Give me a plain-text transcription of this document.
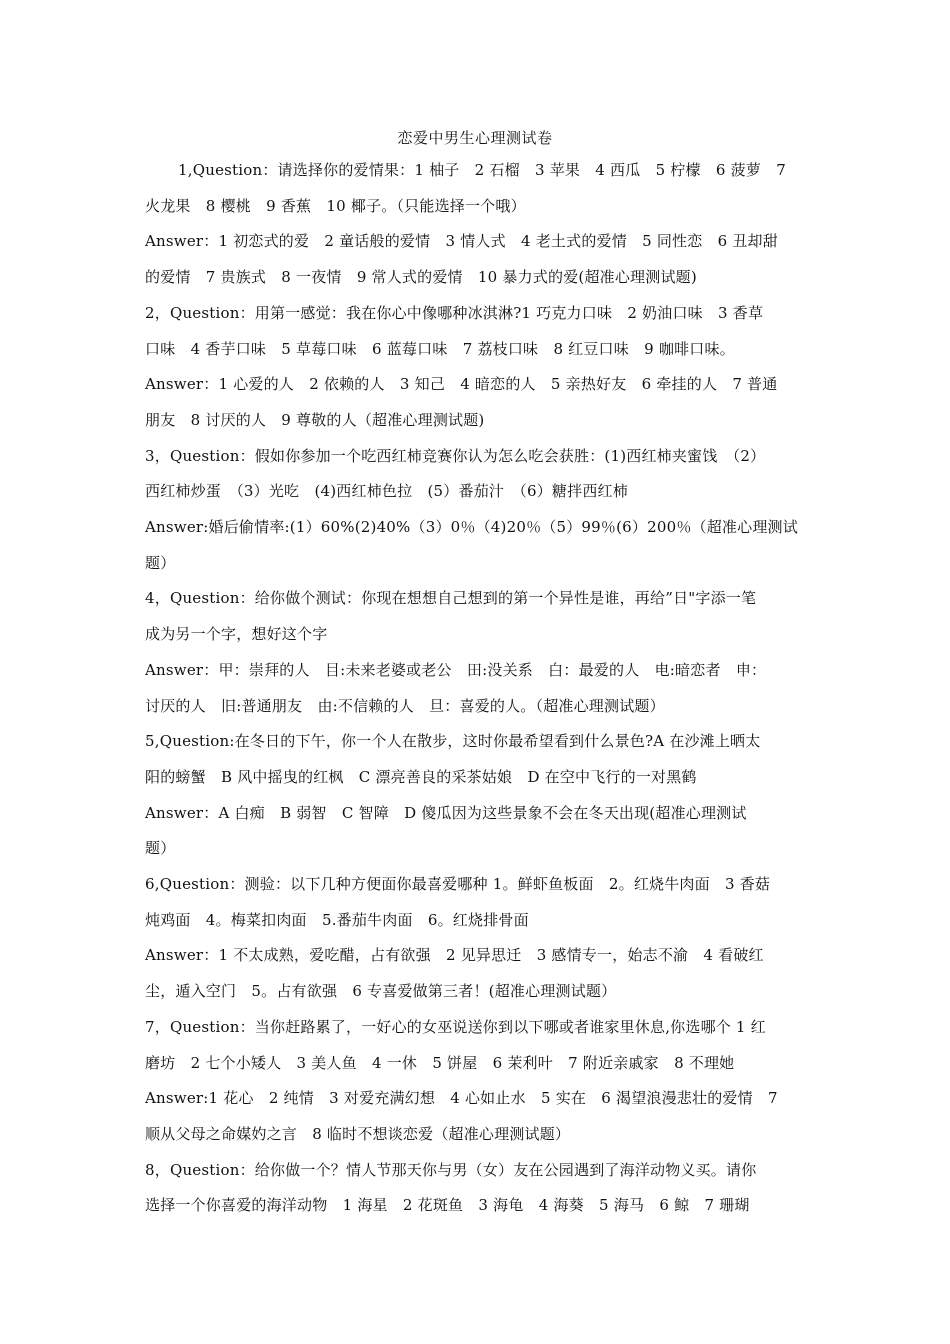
恋爱中男生心理测试卷
1,Question：请选择你的爱情果：1 柚子　2 石榴　3 苹果　4 西瓜　5 柠檬　6 菠萝　7
火龙果　8 樱桃　9 香蕉　10 椰子。（只能选择一个哦）
Answer：1 初恋式的爱　2 童话般的爱情　3 情人式　4 老土式的爱情　5 同性恋　6 丑却甜
的爱情　7 贵族式　8 一夜情　9 常人式的爱情　10 暴力式的爱(超准心理测试题)
2，Question：用第一感觉：我在你心中像哪种冰淇淋?1 巧克力口味　2 奶油口味　3 香草
口味　4 香芋口味　5 草莓口味　6 蓝莓口味　7 荔枝口味　8 红豆口味　9 咖啡口味。
Answer：1 心爱的人　2 依赖的人　3 知己　4 暗恋的人　5 亲热好友　6 牵挂的人　7 普通
朋友　8 讨厌的人　9 尊敬的人（超准心理测试题)
3，Question：假如你参加一个吃西红柿竞赛你认为怎么吃会获胜：(1)西红柿夹蜜饯　（2）
西红柿炒蛋　（3）光吃　(4)西红柿色拉　(5）番茄汁　（6）糖拌西红柿
Answer:婚后偷情率:(1）60%(2)40%（3）0％（4)20％（5）99％(6）200％（超准心理测试
题）
4，Question：给你做个测试：你现在想想自己想到的第一个异性是谁，再给”日"字添一笔
成为另一个字，想好这个字
Answer：甲：崇拜的人　目:未来老婆或老公　田:没关系　白：最爱的人　电:暗恋者　申：
讨厌的人　旧:普通朋友　由:不信赖的人　旦：喜爱的人。（超准心理测试题）
5,Question:在冬日的下午，你一个人在散步，这时你最希望看到什么景色?A 在沙滩上晒太
阳的螃蟹　B 风中摇曳的红枫　C 漂亮善良的采茶姑娘　D 在空中飞行的一对黑鹤
Answer：A 白痴　B 弱智　C 智障　D 傻瓜因为这些景象不会在冬天出现(超准心理测试
题）
6,Question：测验：以下几种方便面你最喜爱哪种 1。鲜虾鱼板面　2。红烧牛肉面　3 香菇
炖鸡面　4。梅菜扣肉面　5.番茄牛肉面　6。红烧排骨面
Answer：1 不太成熟，爱吃醋，占有欲强　2 见异思迁　3 感情专一，始志不渝　4 看破红
尘，遁入空门　5。占有欲强　6 专喜爱做第三者！(超准心理测试题）
7，Question：当你赶路累了，一好心的女巫说送你到以下哪或者谁家里休息,你选哪个 1 红
磨坊　2 七个小矮人　3 美人鱼　4 一休　5 饼屋　6 茉利叶　7 附近亲戚家　8 不理她
Answer:1 花心　2 纯情　3 对爱充满幻想　4 心如止水　5 实在　6 渴望浪漫悲壮的爱情　7
顺从父母之命媒妁之言　8 临时不想谈恋爱（超准心理测试题）
8，Question：给你做一个？情人节那天你与男（女）友在公园遇到了海洋动物义买。请你
选择一个你喜爱的海洋动物　1 海星　2 花斑鱼　3 海龟　4 海葵　5 海马　6 鲸　7 珊瑚
